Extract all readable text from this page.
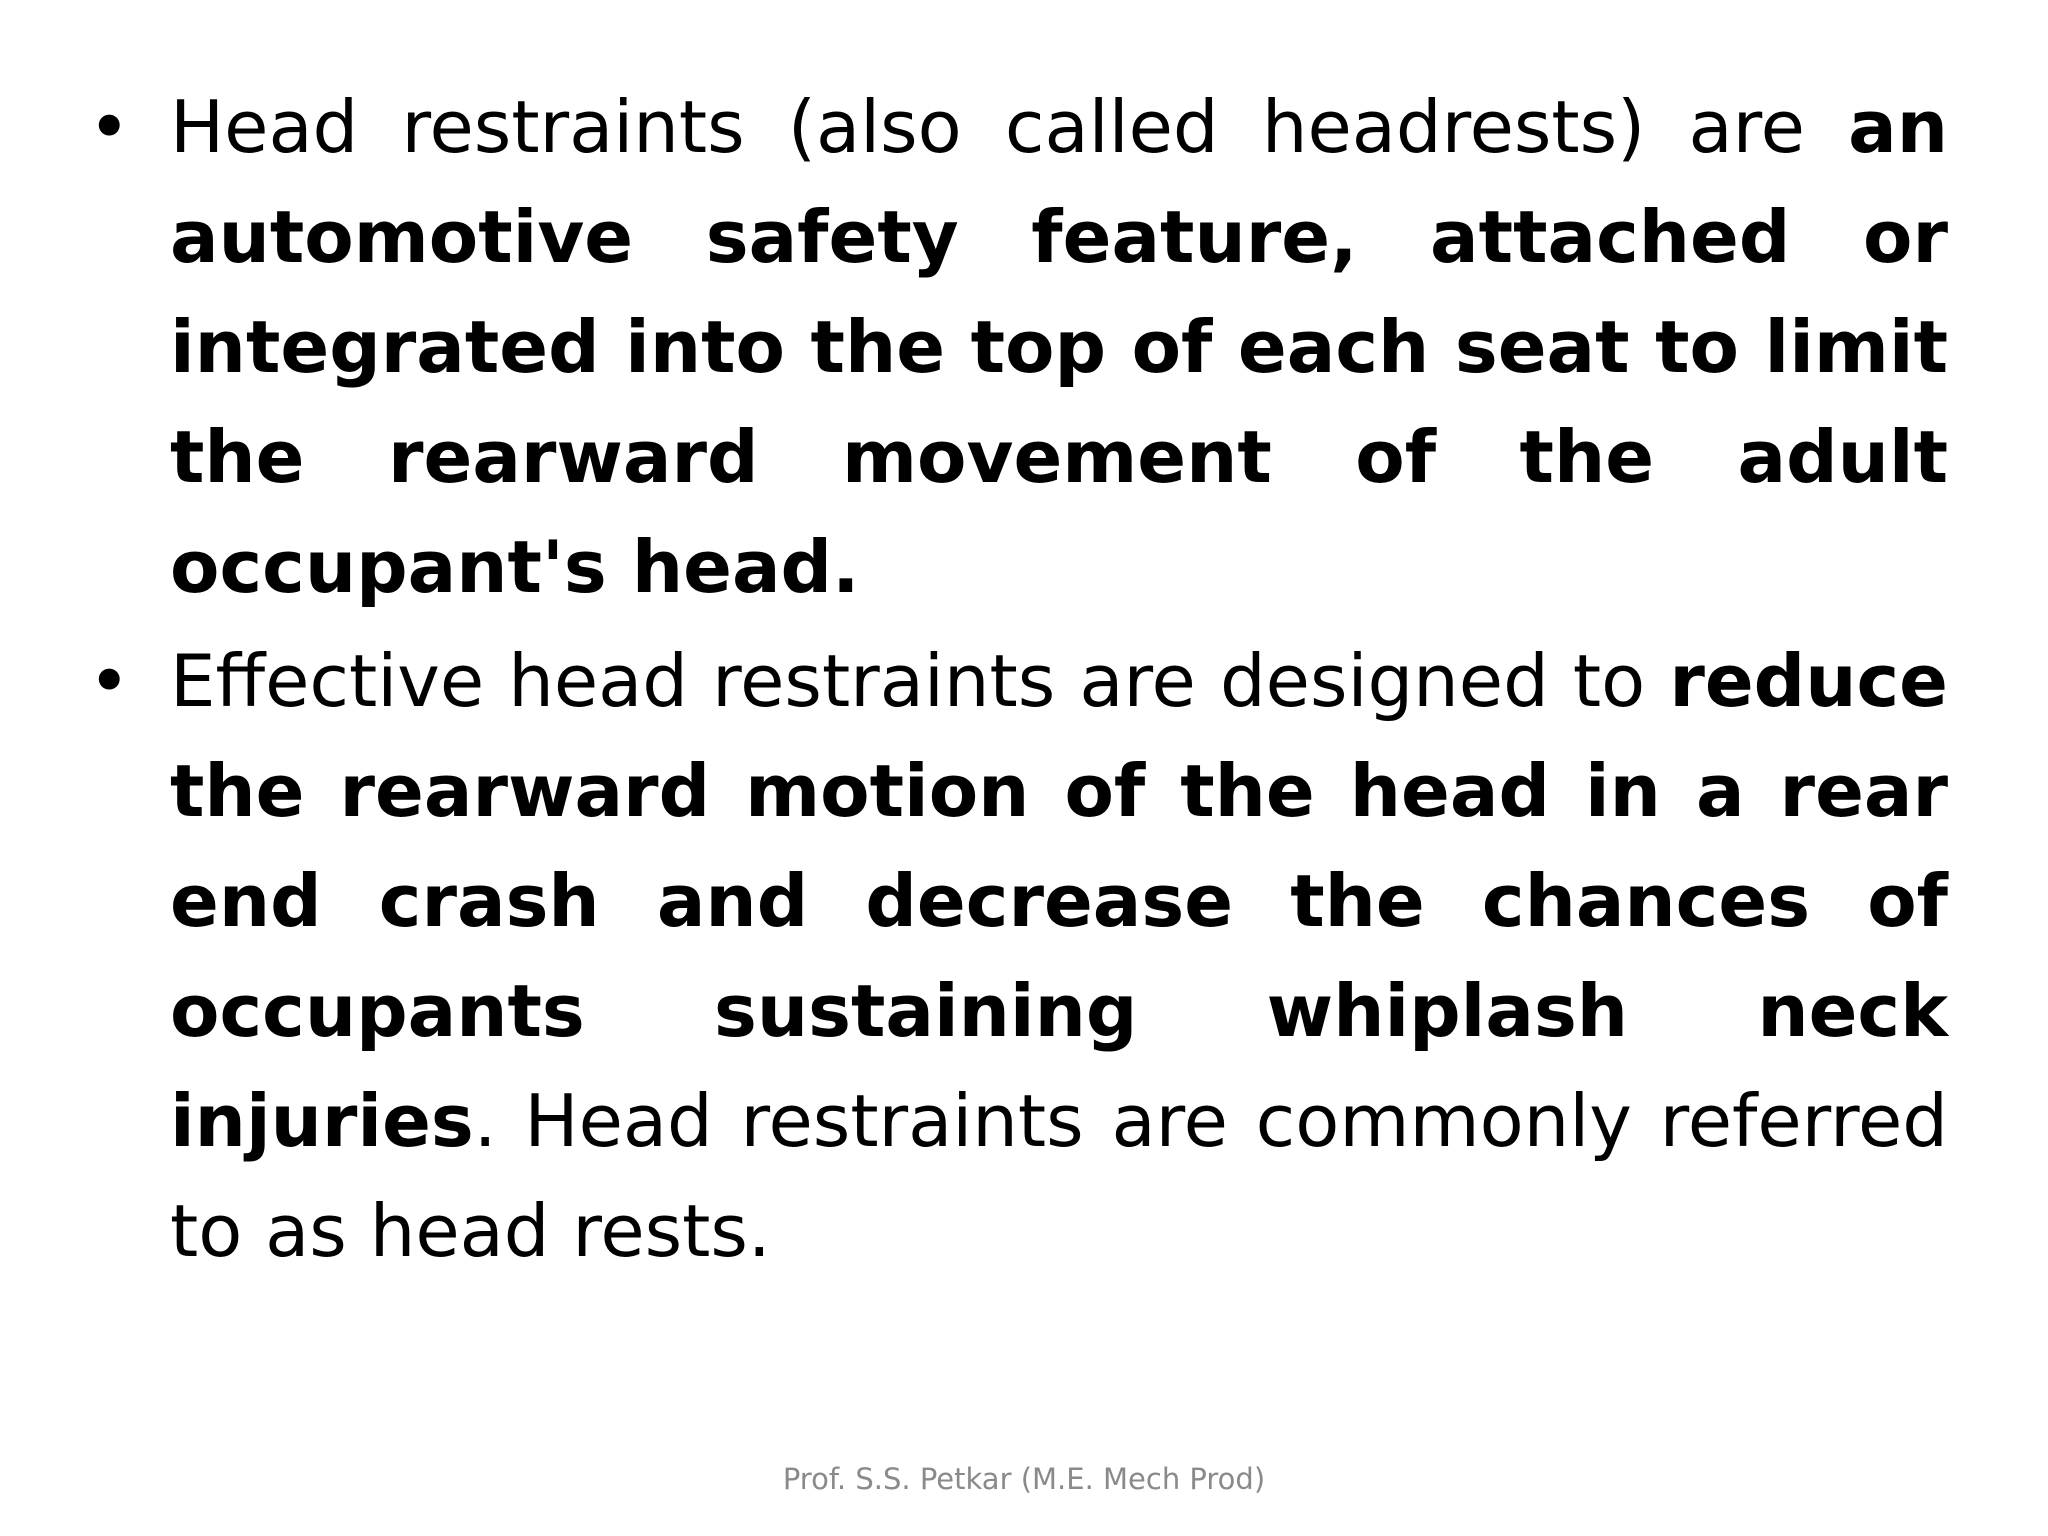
• Head restraints (also called headrests) are an automotive safety feature, attached or integrated into the top of each seat to limit the rearward movement of the adult occupant's head.
• Effective head restraints are designed to reduce the rearward motion of the head in a rear end crash and decrease the chances of occupants sustaining whiplash neck injuries. Head restraints are commonly referred to as head rests.
Prof. S.S. Petkar (M.E. Mech Prod)
